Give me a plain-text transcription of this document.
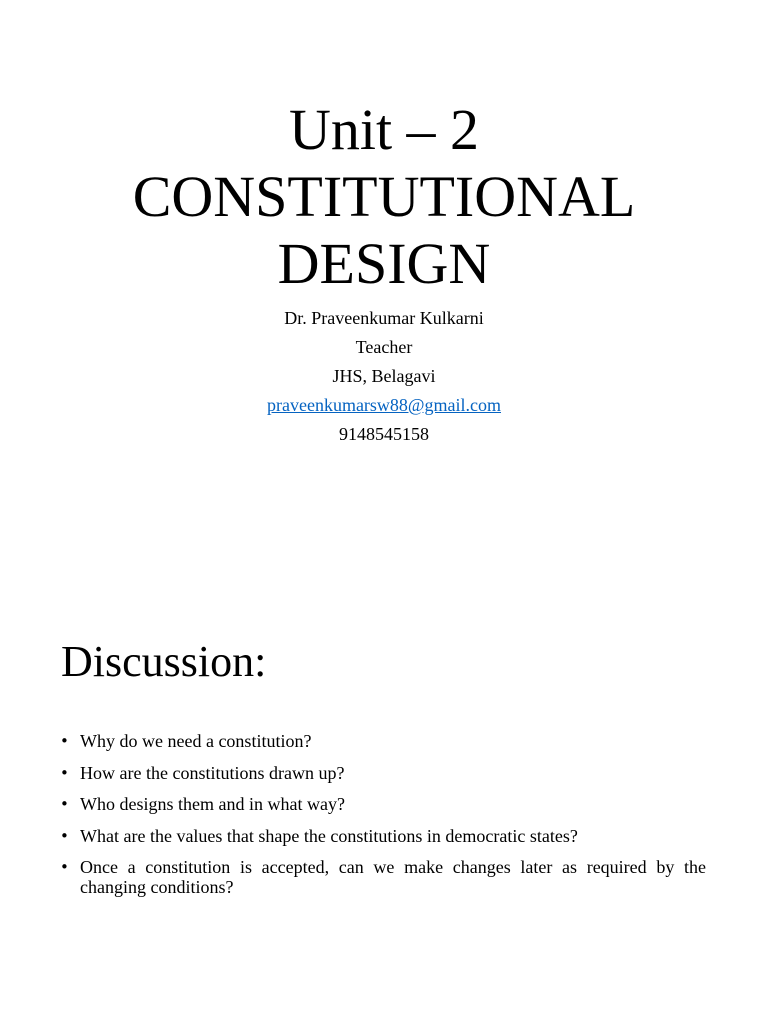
Unit – 2
CONSTITUTIONAL
DESIGN
Dr. Praveenkumar Kulkarni
Teacher
JHS, Belagavi
praveenkumarsw88@gmail.com
9148545158
Discussion:
• Why do we need a constitution?
• How are the constitutions drawn up?
• Who designs them and in what way?
• What are the values that shape the constitutions in democratic states?
• Once a constitution is accepted, can we make changes later as required by the changing conditions?
